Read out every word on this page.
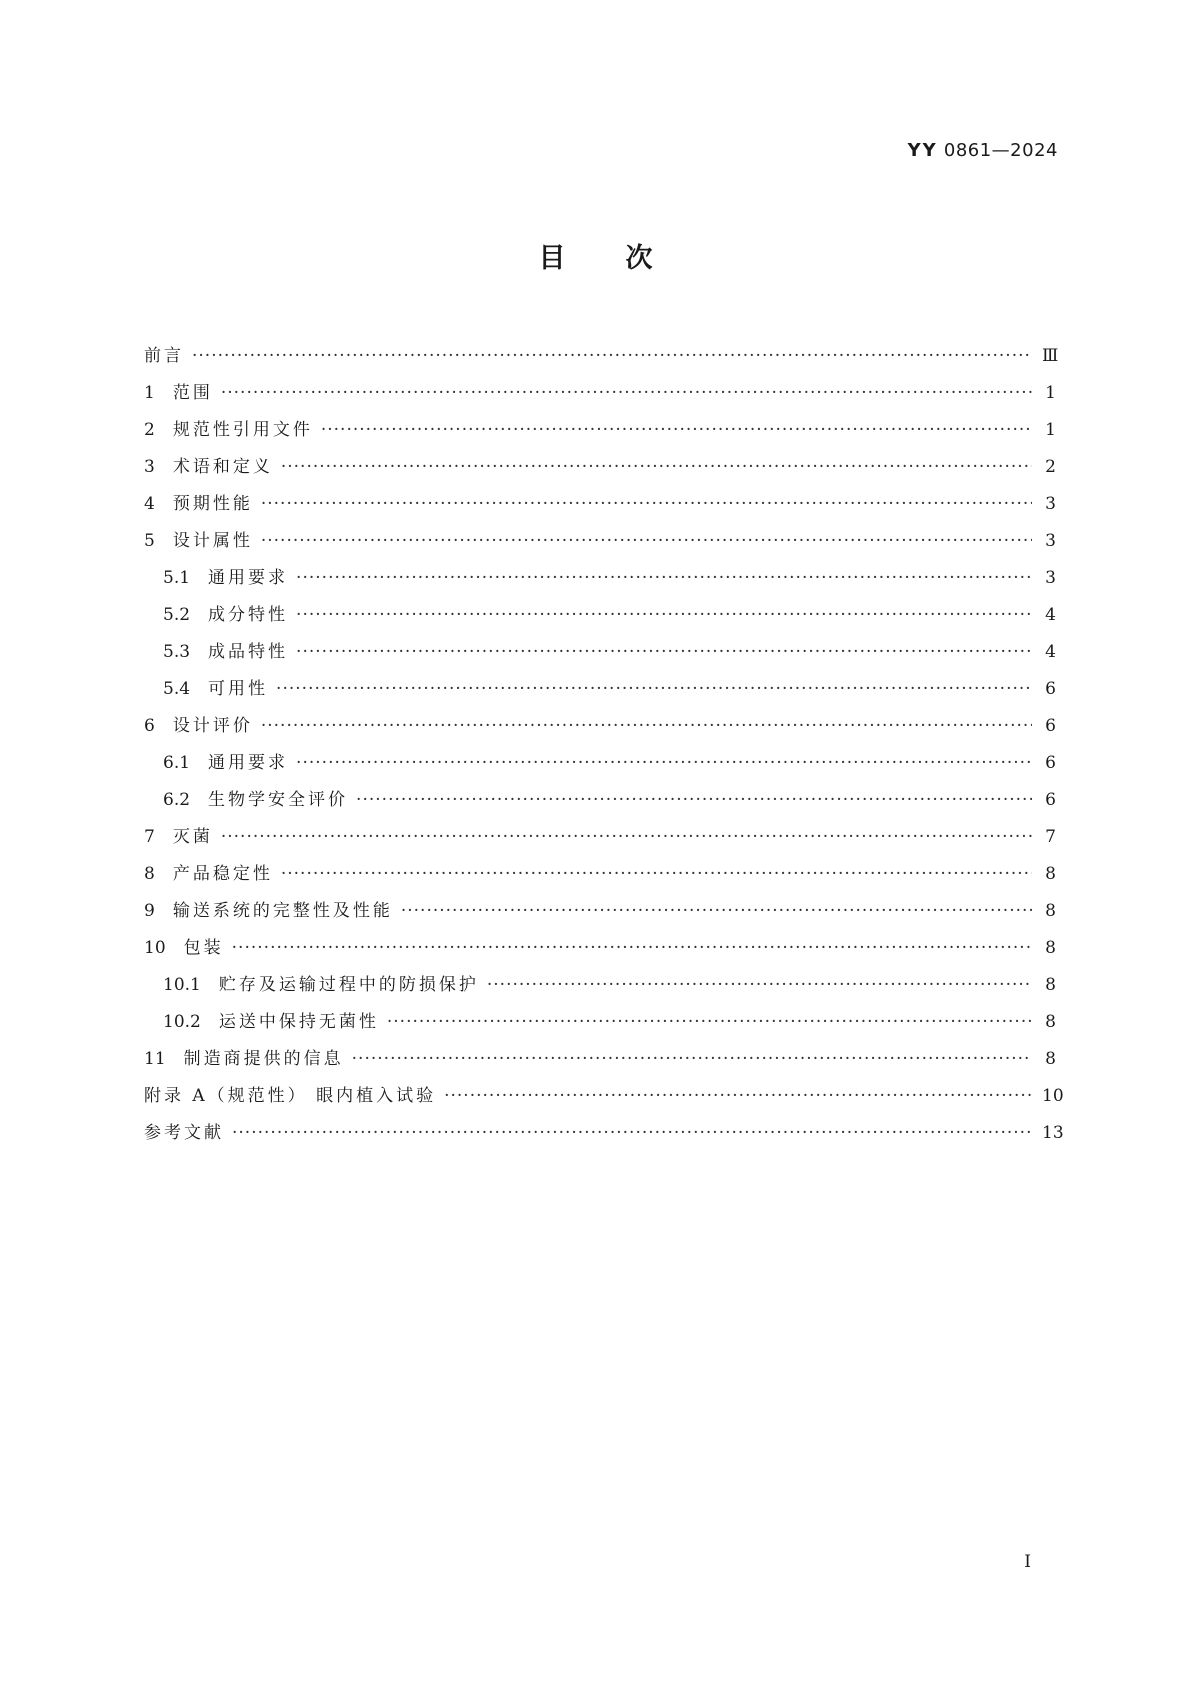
YY 0861—2024
目 次
前言 ·····	Ⅲ
1 范围 ·····	1
2 规范性引用文件 ·····	1
3 术语和定义 ·····	2
4 预期性能 ·····	3
5 设计属性 ·····	3
5.1 通用要求 ·····	3
5.2 成分特性 ·····	4
5.3 成品特性 ·····	4
5.4 可用性 ·····	6
6 设计评价 ·····	6
6.1 通用要求 ·····	6
6.2 生物学安全评价 ·····	6
7 灭菌 ·····	7
8 产品稳定性 ·····	8
9 输送系统的完整性及性能 ·····	8
10 包装 ·····	8
10.1 贮存及运输过程中的防损保护 ·····	8
10.2 运送中保持无菌性 ·····	8
11 制造商提供的信息 ·····	8
附录 A（规范性） 眼内植入试验 ·····	10
参考文献 ·····	13
I
